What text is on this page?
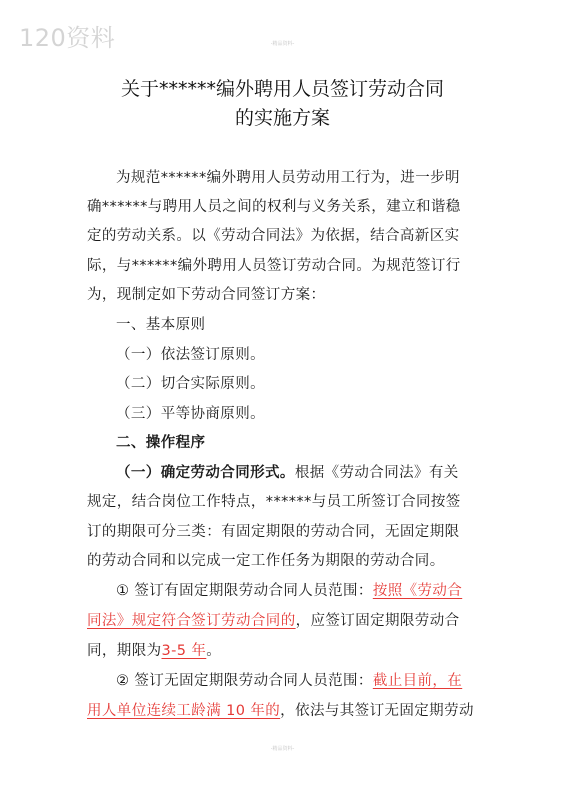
120资料	-精品资料-
关于******编外聘用人员签订劳动合同
的实施方案
为规范******编外聘用人员劳动用工行为，进一步明
确******与聘用人员之间的权利与义务关系，建立和谐稳
定的劳动关系。以《劳动合同法》为依据，结合高新区实
际，与******编外聘用人员签订劳动合同。为规范签订行
为，现制定如下劳动合同签订方案：
一、基本原则
（一）依法签订原则。
（二）切合实际原则。
（三）平等协商原则。
二、操作程序
（一）确定劳动合同形式。根据《劳动合同法》有关
规定，结合岗位工作特点，******与员工所签订合同按签
订的期限可分三类：有固定期限的劳动合同，无固定期限
的劳动合同和以完成一定工作任务为期限的劳动合同。
① 签订有固定期限劳动合同人员范围：按照《劳动合
同法》规定符合签订劳动合同的，应签订固定期限劳动合
同，期限为3-5 年。
② 签订无固定期限劳动合同人员范围：截止目前，在
用人单位连续工龄满 10 年的，依法与其签订无固定期劳动
-精品资料-
